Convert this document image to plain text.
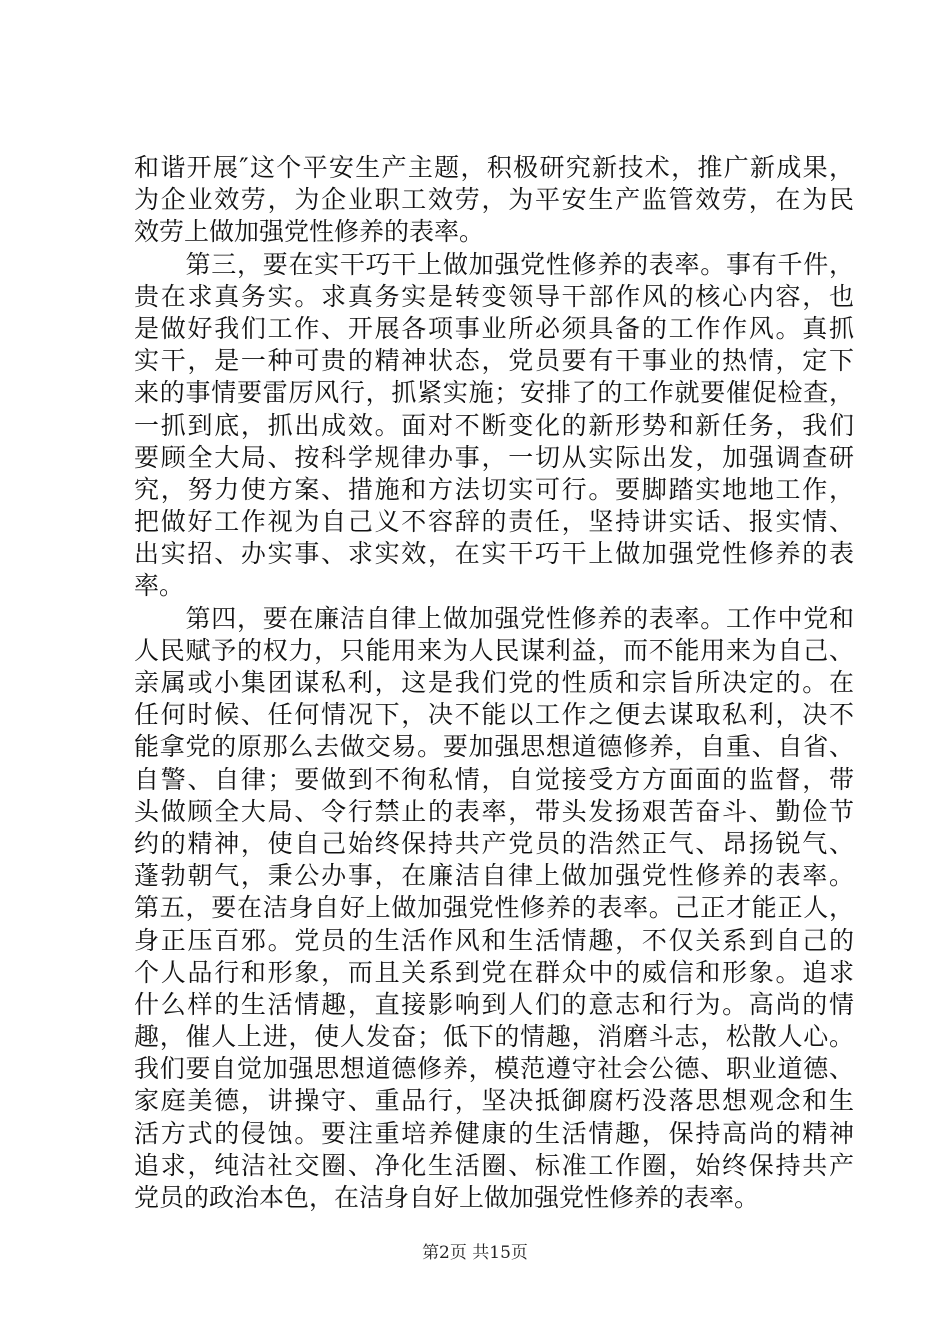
和谐开展″这个平安生产主题，积极研究新技术，推广新成果，
为企业效劳，为企业职工效劳，为平安生产监管效劳，在为民
效劳上做加强党性修养的表率。
　　第三，要在实干巧干上做加强党性修养的表率。事有千件，
贵在求真务实。求真务实是转变领导干部作风的核心内容，也
是做好我们工作、开展各项事业所必须具备的工作作风。真抓
实干，是一种可贵的精神状态，党员要有干事业的热情，定下
来的事情要雷厉风行，抓紧实施；安排了的工作就要催促检查，
一抓到底，抓出成效。面对不断变化的新形势和新任务，我们
要顾全大局、按科学规律办事，一切从实际出发，加强调查研
究，努力使方案、措施和方法切实可行。要脚踏实地地工作，
把做好工作视为自己义不容辞的责任，坚持讲实话、报实情、
出实招、办实事、求实效，在实干巧干上做加强党性修养的表
率。
　　第四，要在廉洁自律上做加强党性修养的表率。工作中党和
人民赋予的权力，只能用来为人民谋利益，而不能用来为自己、
亲属或小集团谋私利，这是我们党的性质和宗旨所决定的。在
任何时候、任何情况下，决不能以工作之便去谋取私利，决不
能拿党的原那么去做交易。要加强思想道德修养，自重、自省、
自警、自律；要做到不徇私情，自觉接受方方面面的监督，带
头做顾全大局、令行禁止的表率，带头发扬艰苦奋斗、勤俭节
约的精神，使自己始终保持共产党员的浩然正气、昂扬锐气、
蓬勃朝气，秉公办事，在廉洁自律上做加强党性修养的表率。
第五，要在洁身自好上做加强党性修养的表率。己正才能正人，
身正压百邪。党员的生活作风和生活情趣，不仅关系到自己的
个人品行和形象，而且关系到党在群众中的威信和形象。追求
什么样的生活情趣，直接影响到人们的意志和行为。高尚的情
趣，催人上进，使人发奋；低下的情趣，消磨斗志，松散人心。
我们要自觉加强思想道德修养，模范遵守社会公德、职业道德、
家庭美德，讲操守、重品行，坚决抵御腐朽没落思想观念和生
活方式的侵蚀。要注重培养健康的生活情趣，保持高尚的精神
追求，纯洁社交圈、净化生活圈、标准工作圈，始终保持共产
党员的政治本色，在洁身自好上做加强党性修养的表率。
第2页 共15页
